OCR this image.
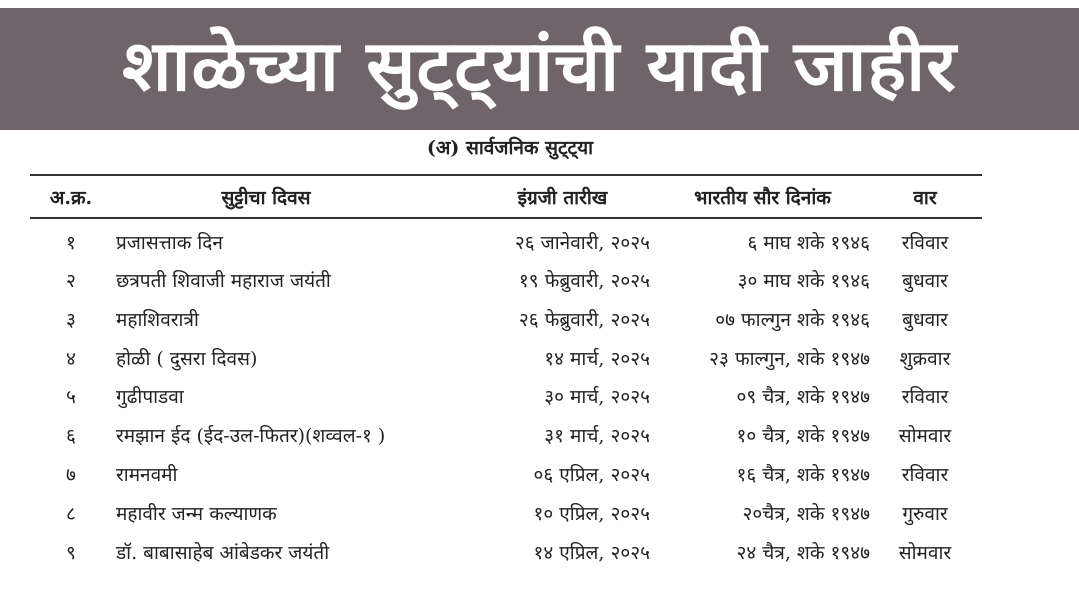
शाळेच्या सुट्ट्यांची यादी जाहीर
(अ) सार्वजनिक सुट्ट्या
अ.क्र.	सुट्टीचा दिवस	इंग्रजी तारीख	भारतीय सौर दिनांक	वार
१	प्रजासत्ताक दिन	२६ जानेवारी, २०२५	६ माघ शके १९४६	रविवार
२	छत्रपती शिवाजी महाराज जयंती	१९ फेब्रुवारी, २०२५	३० माघ शके १९४६	बुधवार
३	महाशिवरात्री	२६ फेब्रुवारी, २०२५	०७ फाल्गुन शके १९४६	बुधवार
४	होळी ( दुसरा दिवस)	१४ मार्च, २०२५	२३ फाल्गुन, शके १९४७	शुक्रवार
५	गुढीपाडवा	३० मार्च, २०२५	०९ चैत्र, शके १९४७	रविवार
६	रमझान ईद (ईद-उल-फितर)(शव्वल-१ )	३१ मार्च, २०२५	१० चैत्र, शके १९४७	सोमवार
७	रामनवमी	०६ एप्रिल, २०२५	१६ चैत्र, शके १९४७	रविवार
८	महावीर जन्म कल्याणक	१० एप्रिल, २०२५	२०चैत्र, शके १९४७	गुरुवार
९	डॉ. बाबासाहेब आंबेडकर जयंती	१४ एप्रिल, २०२५	२४ चैत्र, शके १९४७	सोमवार
